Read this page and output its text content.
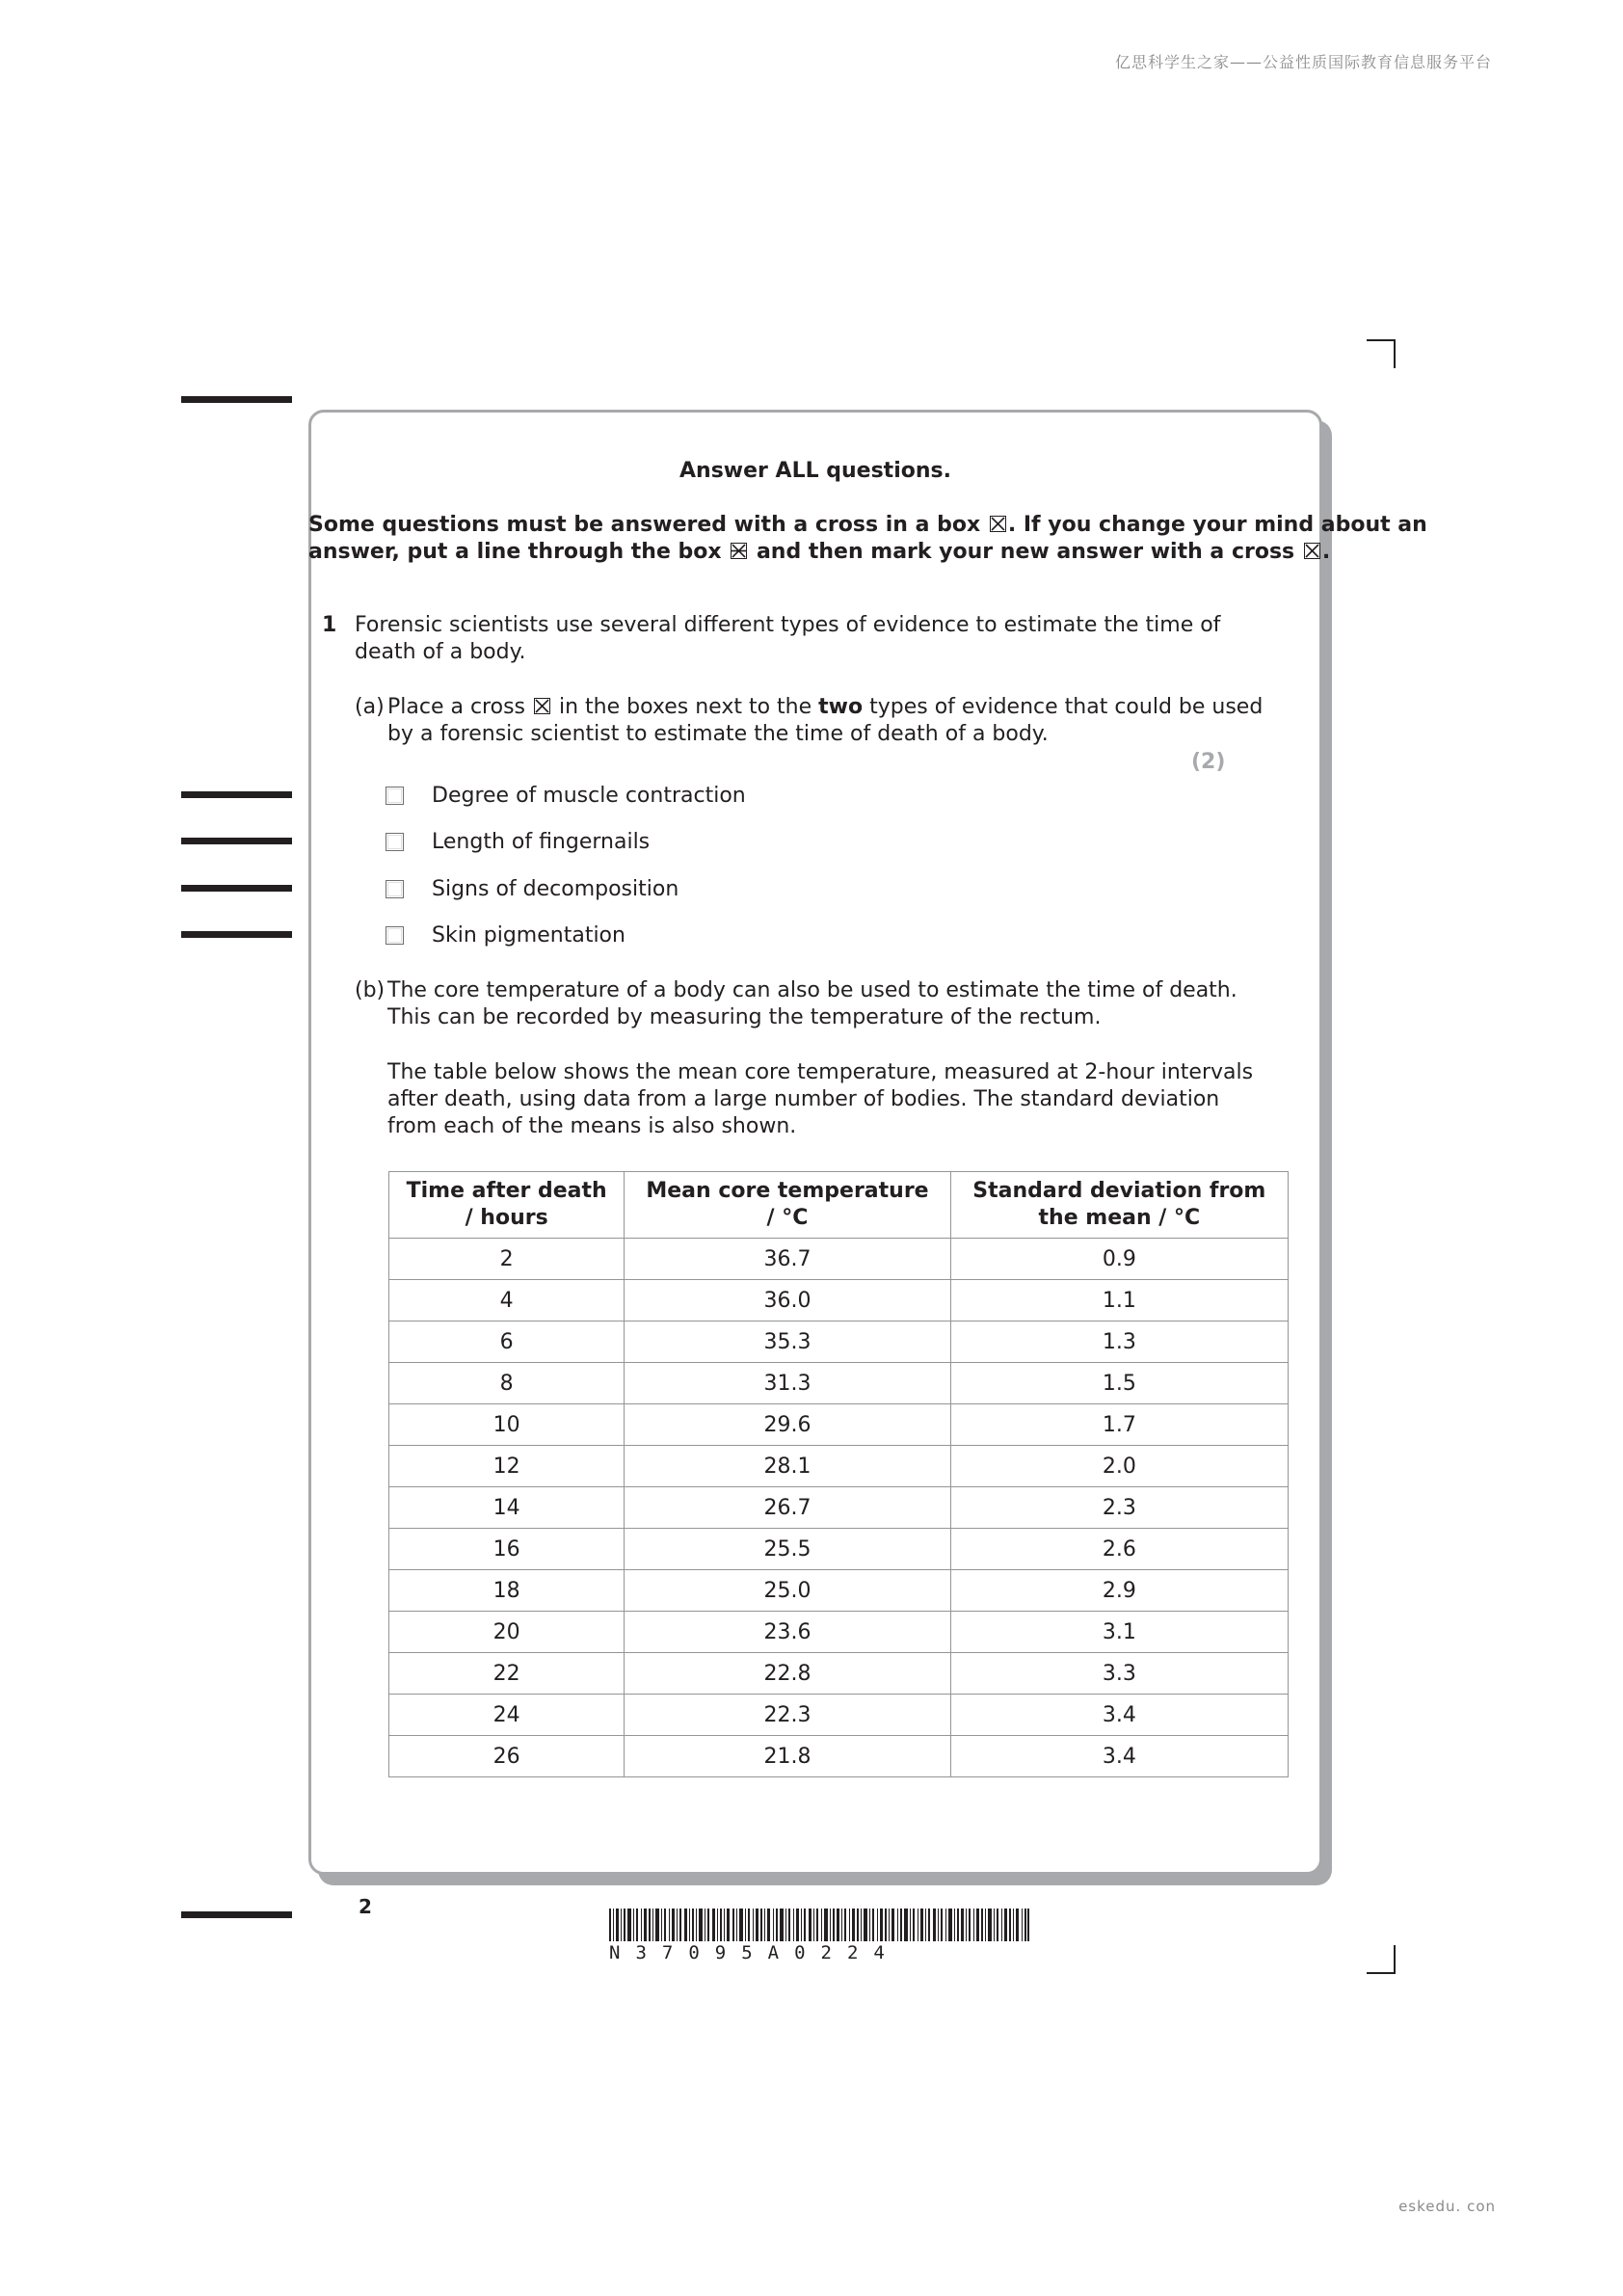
亿思科学生之家——公益性质国际教育信息服务平台
eskedu. con
Answer ALL questions.
Some questions must be answered with a cross in a box ☒ . If you change your mind about an
answer, put a line through the box and then mark your new answer with a cross ☒ .
1 Forensic scientists use several different types of evidence to estimate the time of
death of a body.
(a) Place a cross ☒ in the boxes next to the two types of evidence that could be used
by a forensic scientist to estimate the time of death of a body.
(2)
Degree of muscle contraction
Length of fingernails
Signs of decomposition
Skin pigmentation
(b) The core temperature of a body can also be used to estimate the time of death.
This can be recorded by measuring the temperature of the rectum.
The table below shows the mean core temperature, measured at 2-hour intervals
after death, using data from a large number of bodies. The standard deviation
from each of the means is also shown.
Time after death
/ hours	Mean core temperature
/ °C	Standard deviation from
the mean / °C
2	36.7	0.9
4	36.0	1.1
6	35.3	1.3
8	31.3	1.5
10	29.6	1.7
12	28.1	2.0
14	26.7	2.3
16	25.5	2.6
18	25.0	2.9
20	23.6	3.1
22	22.8	3.3
24	22.3	3.4
26	21.8	3.4
2
N37095A0224
